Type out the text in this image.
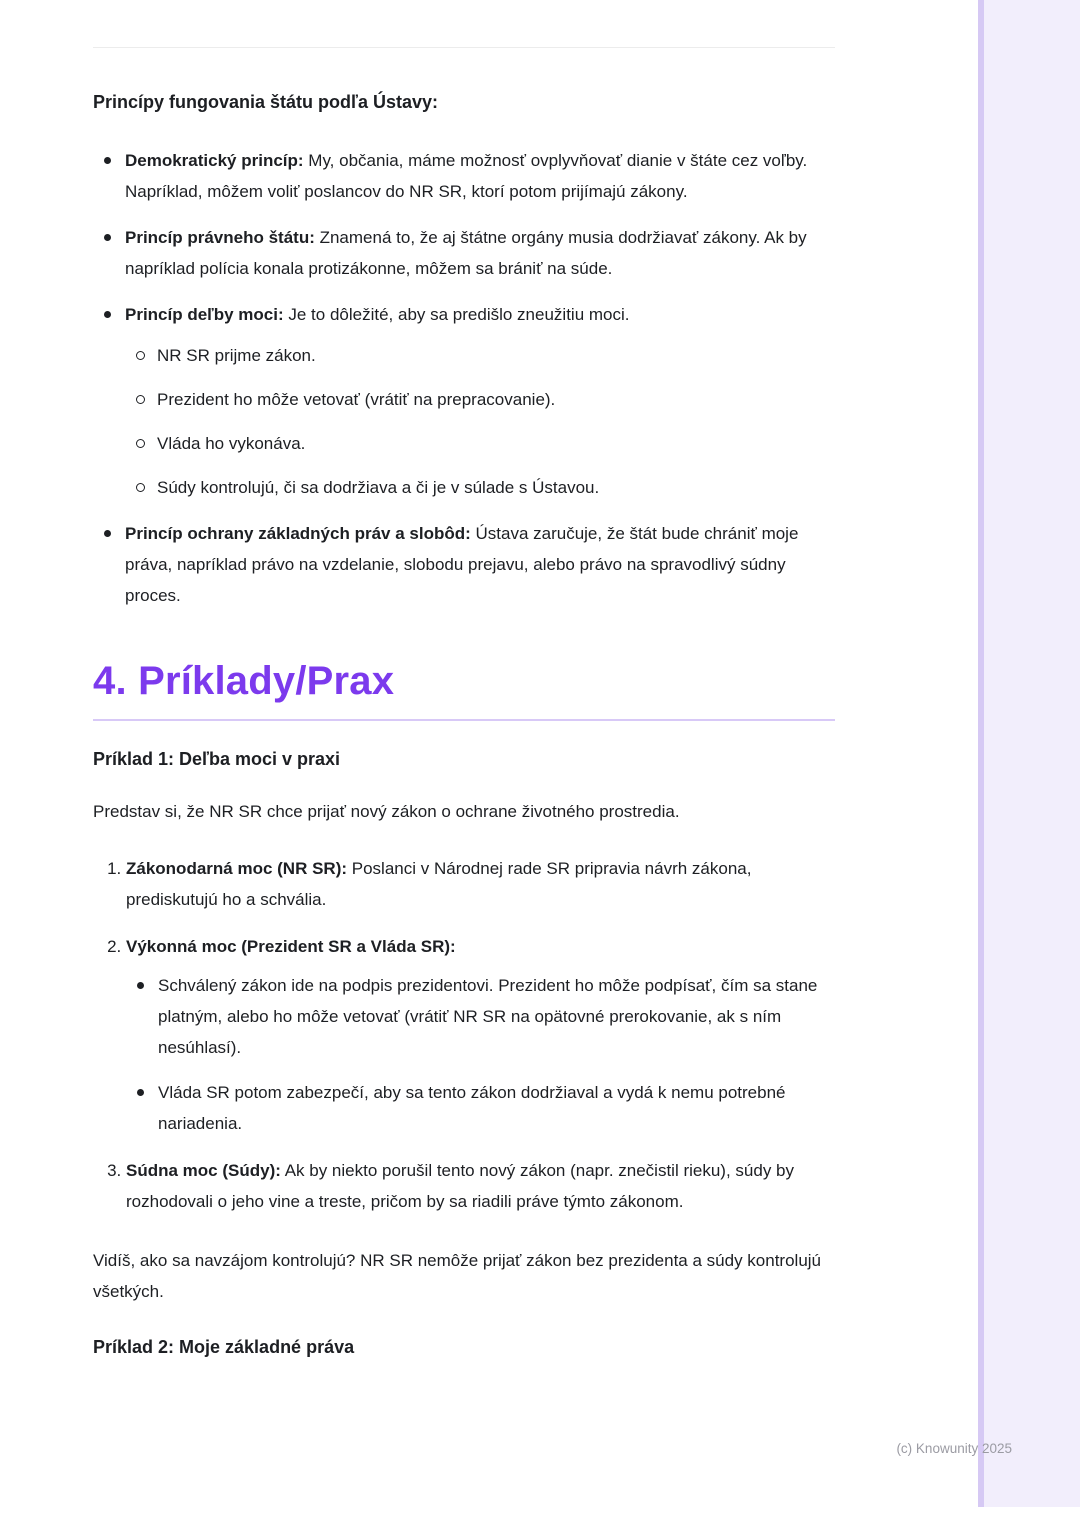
Princípy fungovania štátu podľa Ústavy:
Demokratický princíp: My, občania, máme možnosť ovplyvňovať dianie v štáte cez voľby. Napríklad, môžem voliť poslancov do NR SR, ktorí potom prijímajú zákony.
Princíp právneho štátu: Znamená to, že aj štátne orgány musia dodržiavať zákony. Ak by napríklad polícia konala protizákonne, môžem sa brániť na súde.
Princíp deľby moci: Je to dôležité, aby sa predišlo zneužitiu moci.
NR SR prijme zákon.
Prezident ho môže vetovať (vrátiť na prepracovanie).
Vláda ho vykonáva.
Súdy kontrolujú, či sa dodržiava a či je v súlade s Ústavou.
Princíp ochrany základných práv a slobôd: Ústava zaručuje, že štát bude chrániť moje práva, napríklad právo na vzdelanie, slobodu prejavu, alebo právo na spravodlivý súdny proces.
4. Príklady/Prax
Príklad 1: Deľba moci v praxi

Predstav si, že NR SR chce prijať nový zákon o ochrane životného prostredia.

1. Zákonodarná moc (NR SR): Poslanci v Národnej rade SR pripravia návrh zákona, prediskutujú ho a schvália.
2. Výkonná moc (Prezident SR a Vláda SR):
Schválený zákon ide na podpis prezidentovi. Prezident ho môže podpísať, čím sa stane platným, alebo ho môže vetovať (vrátiť NR SR na opätovné prerokovanie, ak s ním nesúhlasí).
Vláda SR potom zabezpečí, aby sa tento zákon dodržiaval a vydá k nemu potrebné nariadenia.
3. Súdna moc (Súdy): Ak by niekto porušil tento nový zákon (napr. znečistil rieku), súdy by rozhodovali o jeho vine a treste, pričom by sa riadili práve týmto zákonom.

Vidíš, ako sa navzájom kontrolujú? NR SR nemôže prijať zákon bez prezidenta a súdy kontrolujú všetkých.

Príklad 2: Moje základné práva
(c) Knowunity 2025
